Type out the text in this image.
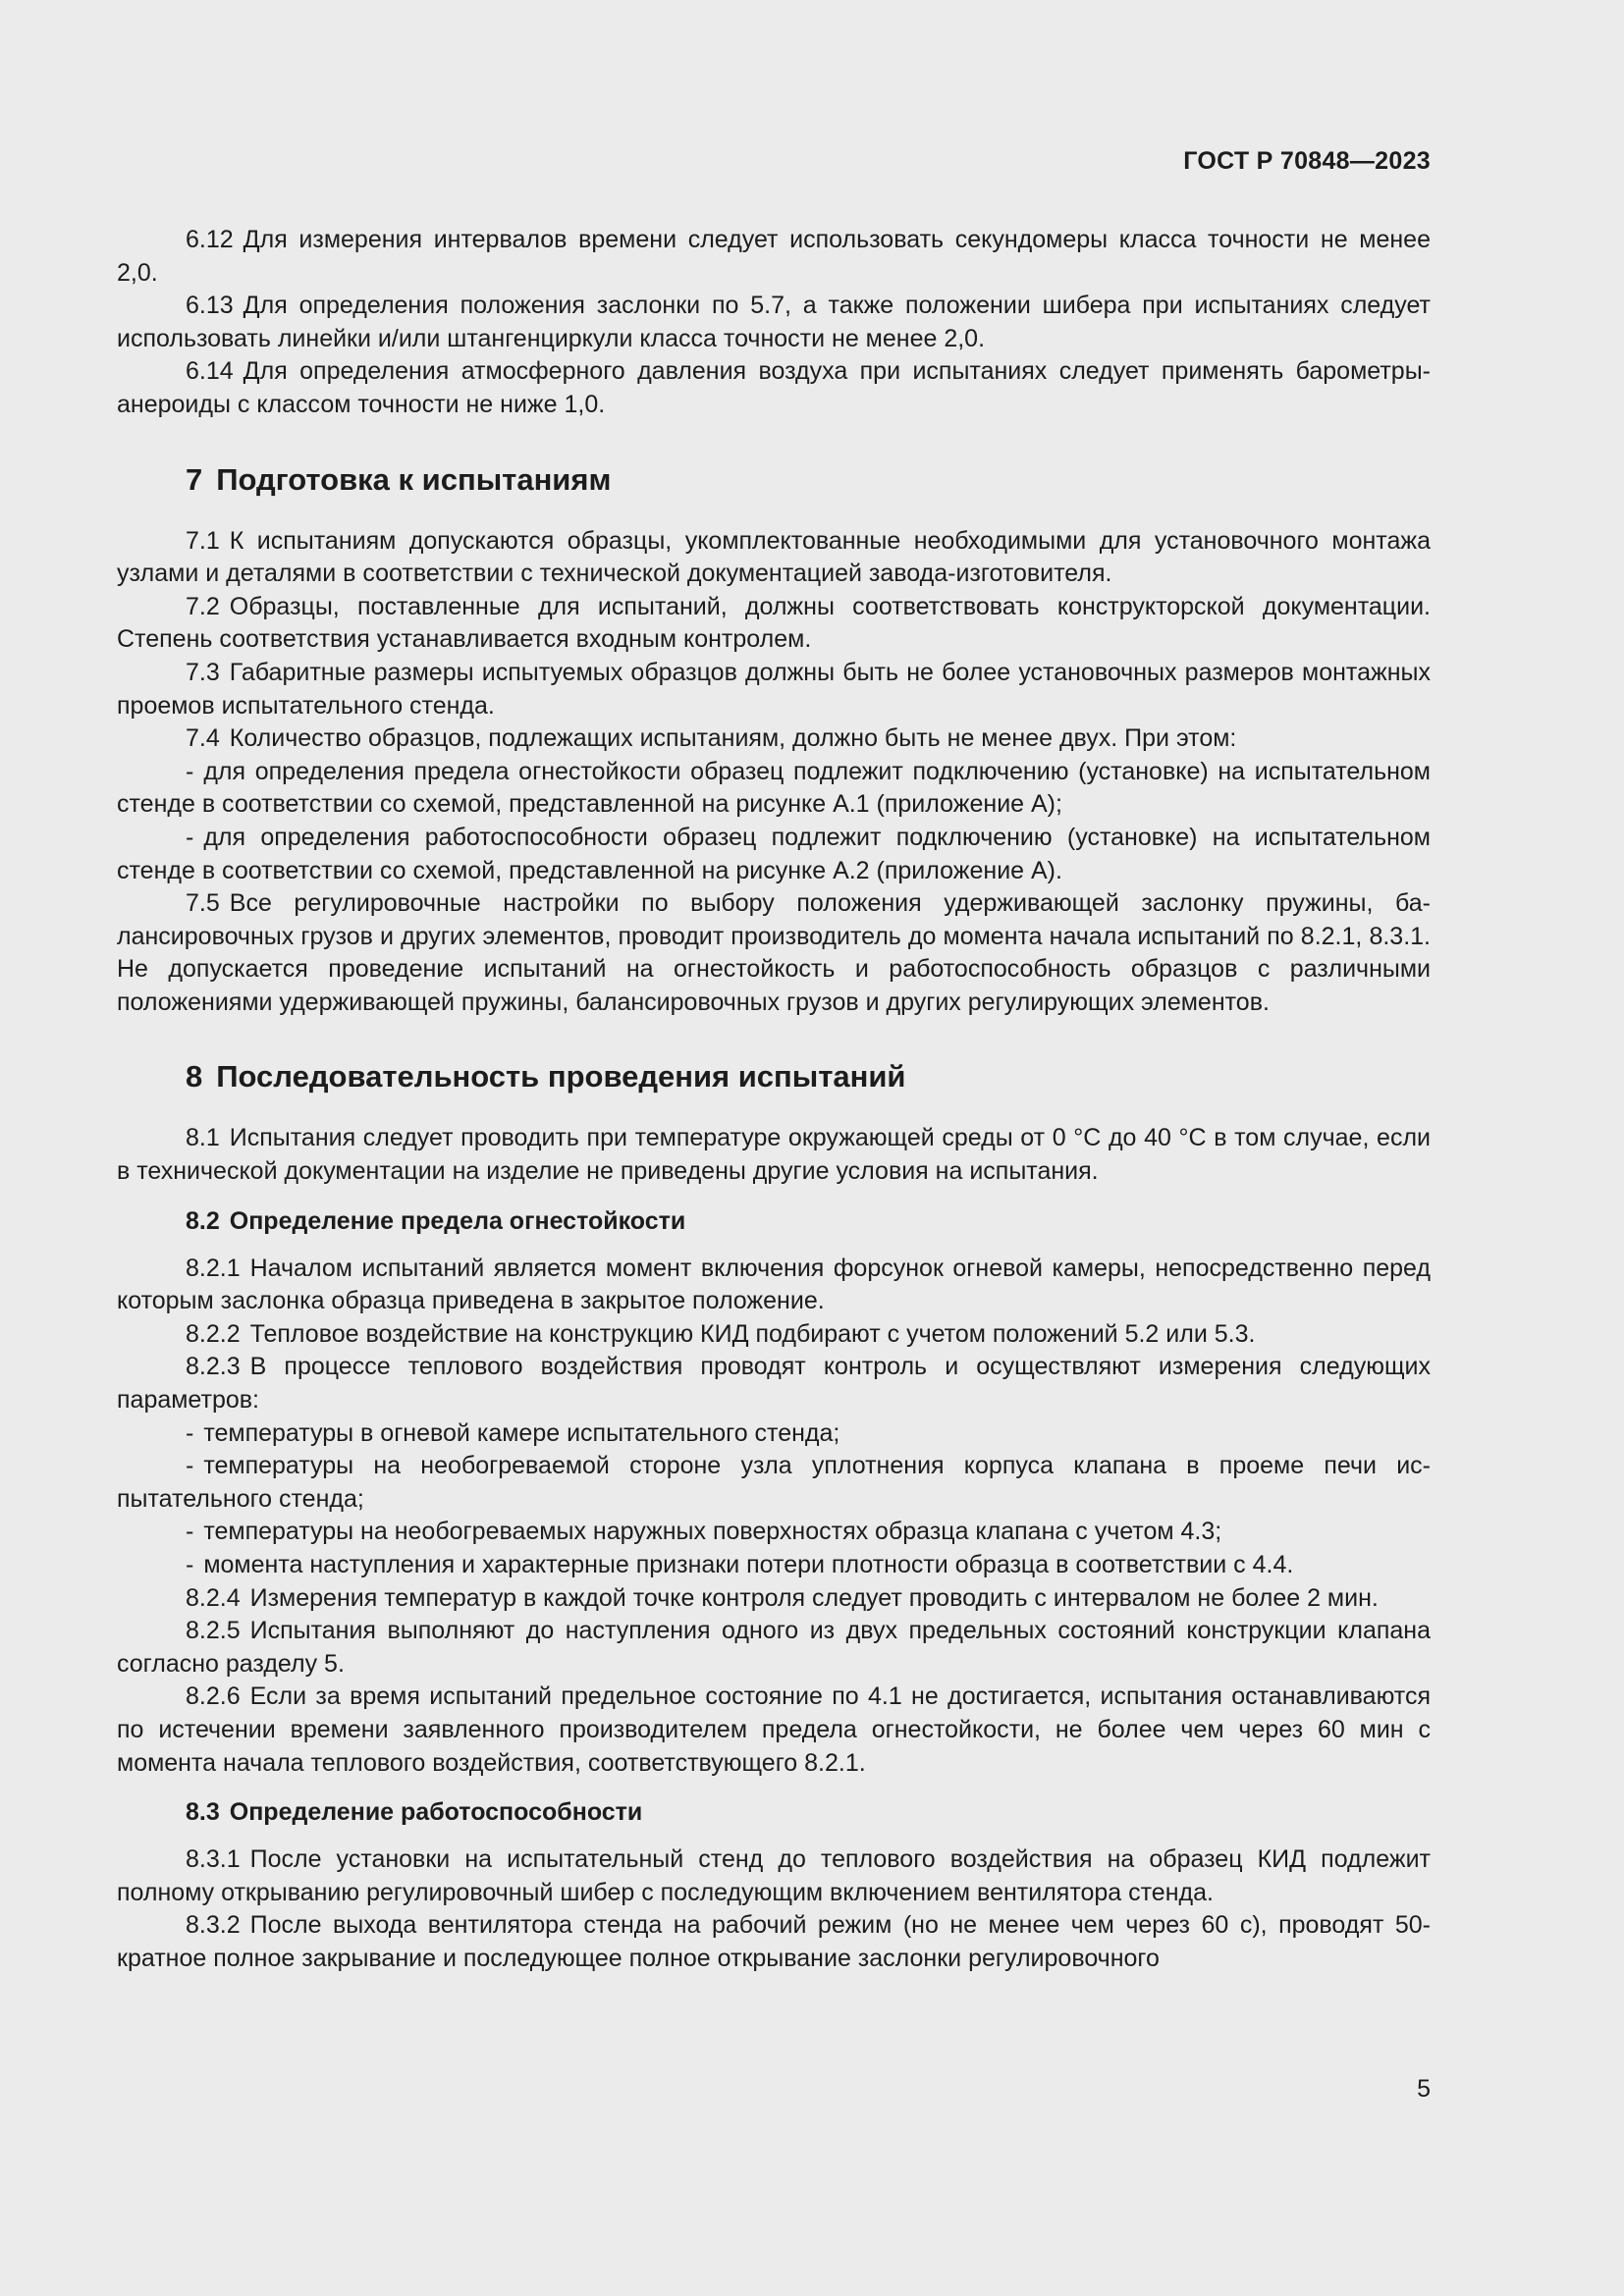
ГОСТ Р 70848—2023
6.12 Для измерения интервалов времени следует использовать секундомеры класса точности не менее 2,0.
6.13 Для определения положения заслонки по 5.7, а также положении шибера при испытаниях следует использовать линейки и/или штангенциркули класса точности не менее 2,0.
6.14 Для определения атмосферного давления воздуха при испытаниях следует применять барометры-анероиды с классом точности не ниже 1,0.
7 Подготовка к испытаниям
7.1 К испытаниям допускаются образцы, укомплектованные необходимыми для установочного монтажа узлами и деталями в соответствии с технической документацией завода-изготовителя.
7.2 Образцы, поставленные для испытаний, должны соответствовать конструкторской документации. Степень соответствия устанавливается входным контролем.
7.3 Габаритные размеры испытуемых образцов должны быть не более установочных размеров монтажных проемов испытательного стенда.
7.4 Количество образцов, подлежащих испытаниям, должно быть не менее двух. При этом:
- для определения предела огнестойкости образец подлежит подключению (установке) на испытательном стенде в соответствии со схемой, представленной на рисунке А.1 (приложение А);
- для определения работоспособности образец подлежит подключению (установке) на испытательном стенде в соответствии со схемой, представленной на рисунке А.2 (приложение А).
7.5 Все регулировочные настройки по выбору положения удерживающей заслонку пружины, балансировочных грузов и других элементов, проводит производитель до момента начала испытаний по 8.2.1, 8.3.1. Не допускается проведение испытаний на огнестойкость и работоспособность образцов с различными положениями удерживающей пружины, балансировочных грузов и других регулирующих элементов.
8 Последовательность проведения испытаний
8.1 Испытания следует проводить при температуре окружающей среды от 0 °С до 40 °С в том случае, если в технической документации на изделие не приведены другие условия на испытания.
8.2 Определение предела огнестойкости
8.2.1 Началом испытаний является момент включения форсунок огневой камеры, непосредственно перед которым заслонка образца приведена в закрытое положение.
8.2.2 Тепловое воздействие на конструкцию КИД подбирают с учетом положений 5.2 или 5.3.
8.2.3 В процессе теплового воздействия проводят контроль и осуществляют измерения следующих параметров:
- температуры в огневой камере испытательного стенда;
- температуры на необогреваемой стороне узла уплотнения корпуса клапана в проеме печи испытательного стенда;
- температуры на необогреваемых наружных поверхностях образца клапана с учетом 4.3;
- момента наступления и характерные признаки потери плотности образца в соответствии с 4.4.
8.2.4 Измерения температур в каждой точке контроля следует проводить с интервалом не более 2 мин.
8.2.5 Испытания выполняют до наступления одного из двух предельных состояний конструкции клапана согласно разделу 5.
8.2.6 Если за время испытаний предельное состояние по 4.1 не достигается, испытания останавливаются по истечении времени заявленного производителем предела огнестойкости, не более чем через 60 мин с момента начала теплового воздействия, соответствующего 8.2.1.
8.3 Определение работоспособности
8.3.1 После установки на испытательный стенд до теплового воздействия на образец КИД подлежит полному открыванию регулировочный шибер с последующим включением вентилятора стенда.
8.3.2 После выхода вентилятора стенда на рабочий режим (но не менее чем через 60 с), проводят 50-кратное полное закрывание и последующее полное открывание заслонки регулировочного
5
